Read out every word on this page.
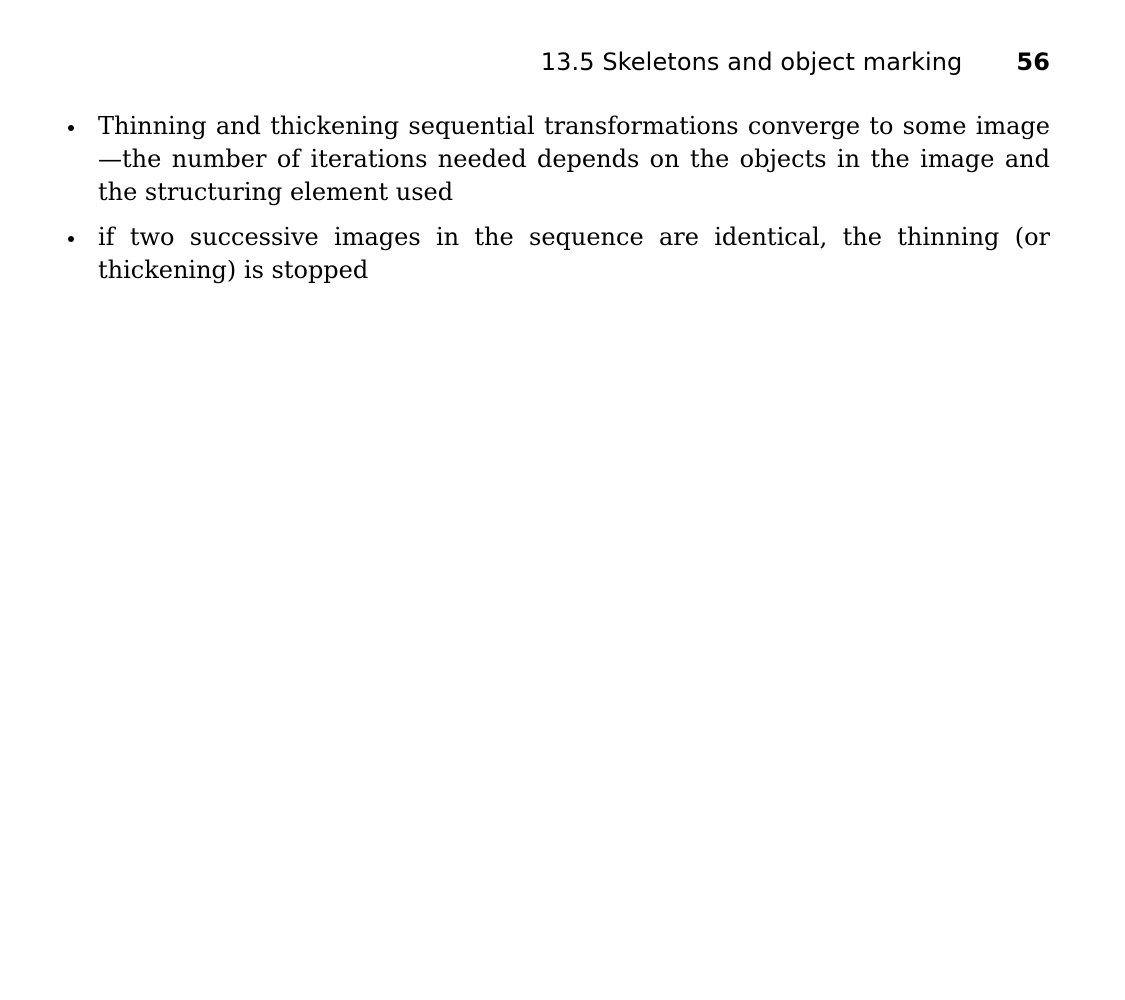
13.5 Skeletons and object marking 56
Thinning and thickening sequential transformations converge to some image—the number of iterations needed depends on the objects in the image and the structuring element used
if two successive images in the sequence are identical, the thinning (or thickening) is stopped
